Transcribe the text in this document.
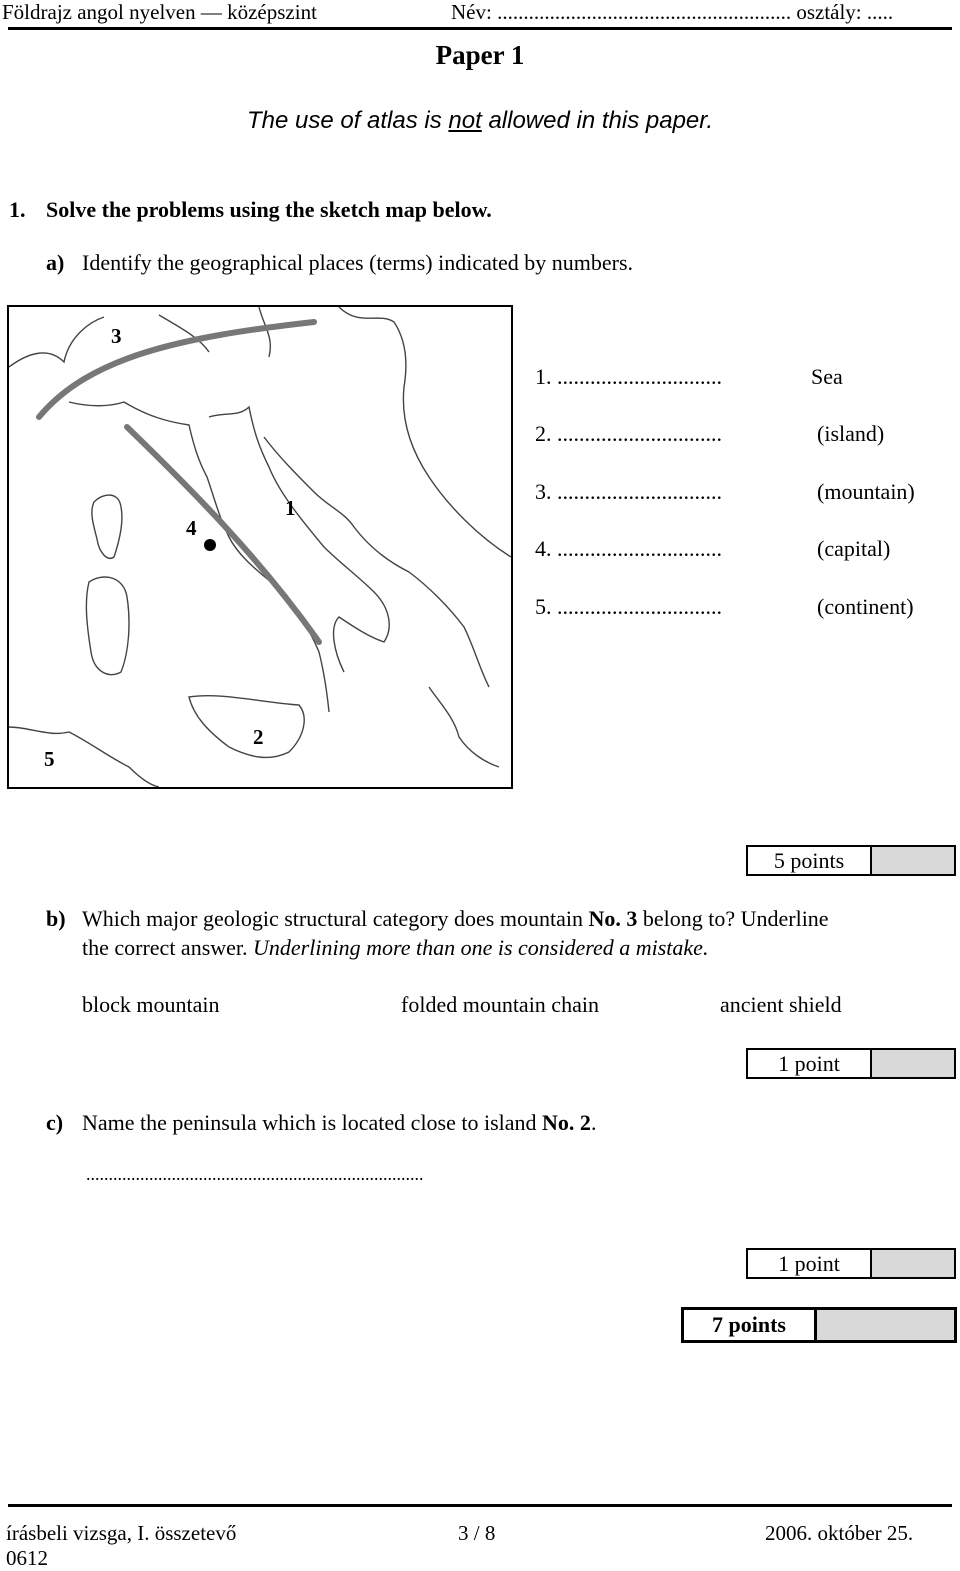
Földrajz angol nyelven — középszint	Név: ........................................................ osztály: .....
Paper 1
The use of atlas is not allowed in this paper.
1. Solve the problems using the sketch map below.
a) Identify the geographical places (terms) indicated by numbers.
1
2
3
4
5
1. ..............................	Sea
2. ..............................	(island)
3. ..............................	(mountain)
4. ..............................	(capital)
5. ..............................	(continent)
5 points
b) Which major geologic structural category does mountain No. 3 belong to? Underline
the correct answer. Underlining more than one is considered a mistake.
block mountain	folded mountain chain	ancient shield
1 point
c) Name the peninsula which is located close to island No. 2.
...........................................................................
1 point
7 points
írásbeli vizsga, I. összetevő
0612
3 / 8	2006. október 25.
